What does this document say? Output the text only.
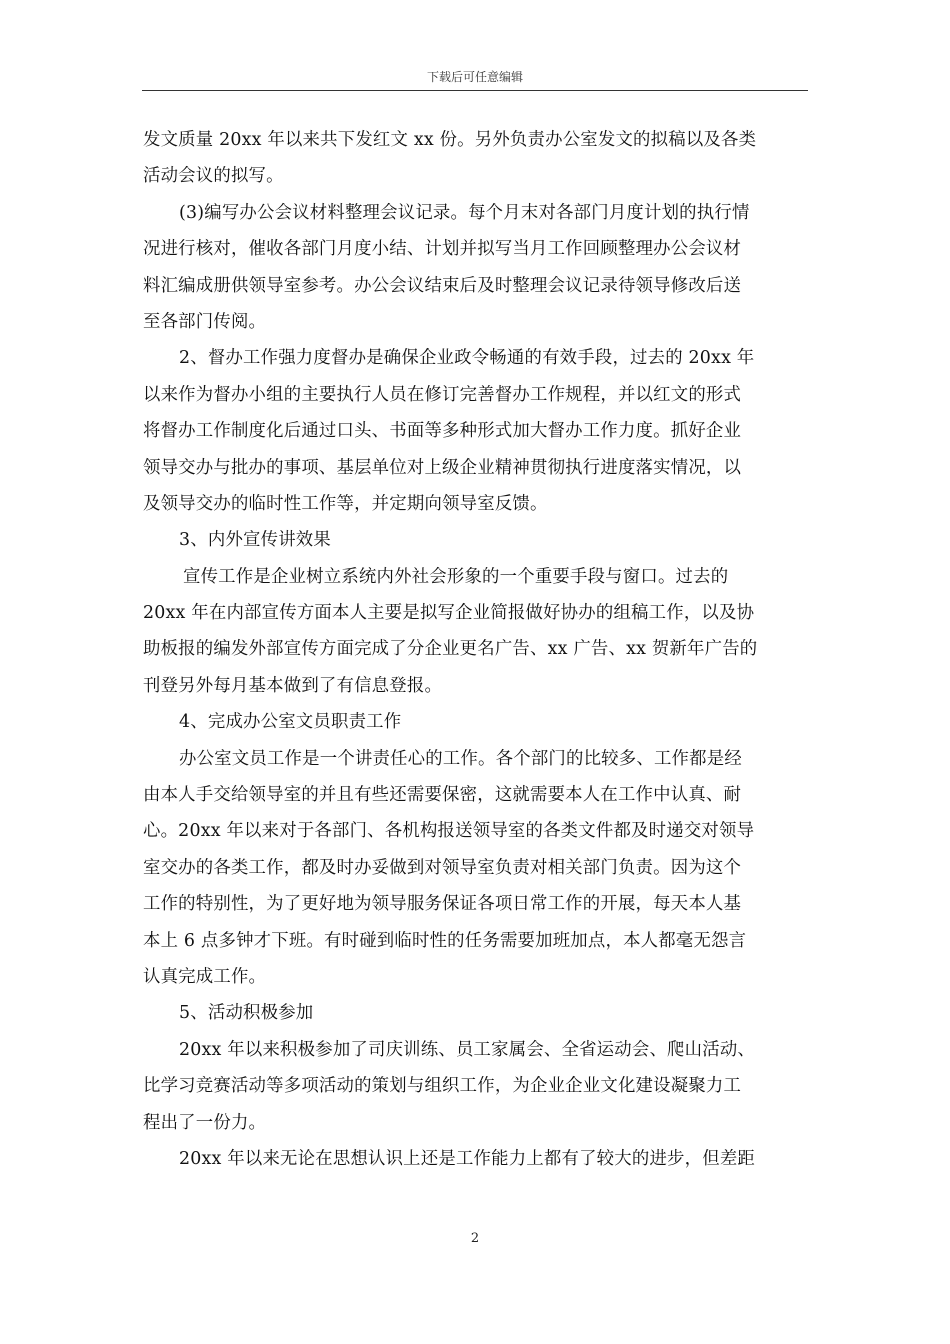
下载后可任意编辑
发文质量 20xx 年以来共下发红文 xx 份。另外负责办公室发文的拟稿以及各类
活动会议的拟写。
(3)编写办公会议材料整理会议记录。每个月末对各部门月度计划的执行情
况进行核对，催收各部门月度小结、计划并拟写当月工作回顾整理办公会议材
料汇编成册供领导室参考。办公会议结束后及时整理会议记录待领导修改后送
至各部门传阅。
2、督办工作强力度督办是确保企业政令畅通的有效手段，过去的 20xx 年
以来作为督办小组的主要执行人员在修订完善督办工作规程，并以红文的形式
将督办工作制度化后通过口头、书面等多种形式加大督办工作力度。抓好企业
领导交办与批办的事项、基层单位对上级企业精神贯彻执行进度落实情况，以
及领导交办的临时性工作等，并定期向领导室反馈。
3、内外宣传讲效果
宣传工作是企业树立系统内外社会形象的一个重要手段与窗口。过去的
20xx 年在内部宣传方面本人主要是拟写企业简报做好协办的组稿工作，以及协
助板报的编发外部宣传方面完成了分企业更名广告、xx 广告、xx 贺新年广告的
刊登另外每月基本做到了有信息登报。
4、完成办公室文员职责工作
办公室文员工作是一个讲责任心的工作。各个部门的比较多、工作都是经
由本人手交给领导室的并且有些还需要保密，这就需要本人在工作中认真、耐
心。20xx 年以来对于各部门、各机构报送领导室的各类文件都及时递交对领导
室交办的各类工作，都及时办妥做到对领导室负责对相关部门负责。因为这个
工作的特别性，为了更好地为领导服务保证各项日常工作的开展，每天本人基
本上 6 点多钟才下班。有时碰到临时性的任务需要加班加点，本人都毫无怨言
认真完成工作。
5、活动积极参加
20xx 年以来积极参加了司庆训练、员工家属会、全省运动会、爬山活动、
比学习竞赛活动等多项活动的策划与组织工作，为企业企业文化建设凝聚力工
程出了一份力。
20xx 年以来无论在思想认识上还是工作能力上都有了较大的进步，但差距
2
